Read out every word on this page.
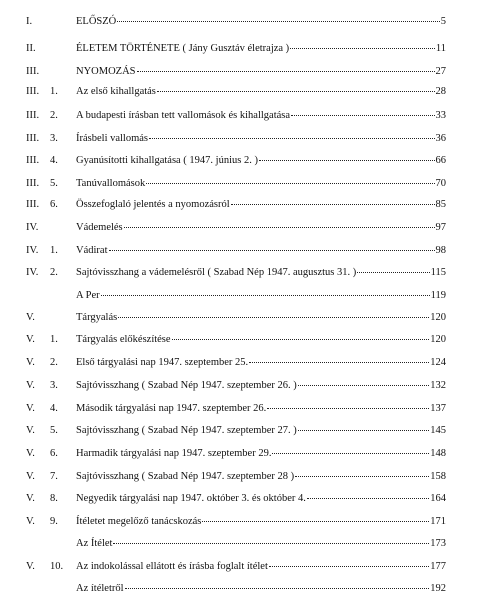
I.	ELŐSZÓ	5
II.	ÉLETEM TÖRTÉNETE ( Jány Gusztáv életrajza )	11
III.	NYOMOZÁS	27
III. 1. Az első kihallgatás	28
III. 2. A budapesti írásban tett vallomások és kihallgatása	33
III. 3. Írásbeli vallomás	36
III. 4. Gyanúsítotti kihallgatása ( 1947. június 2. )	66
III. 5. Tanúvallomások	70
III. 6. Összefoglaló jelentés a nyomozásról	85
IV.	Vádemelés	97
IV. 1. Vádirat	98
IV. 2. Sajtóvisszhang a vádemelésről ( Szabad Nép 1947. augusztus 31. )	115
A Per	119
V.	Tárgyalás	120
V. 1. Tárgyalás előkészítése	120
V. 2. Első tárgyalási nap 1947. szeptember 25.	124
V. 3. Sajtóvisszhang ( Szabad Nép 1947. szeptember 26. )	132
V. 4. Második tárgyalási nap 1947. szeptember 26.	137
V. 5. Sajtóvisszhang ( Szabad Nép 1947. szeptember 27. )	145
V. 6. Harmadik tárgyalási nap 1947. szeptember 29.	148
V. 7. Sajtóvisszhang ( Szabad Nép 1947. szeptember 28 )	158
V. 8. Negyedik tárgyalási nap 1947. október 3. és október 4.	164
V. 9. Ítéletet megelőző tanácskozás	171
Az Ítélet	173
V. 10. Az indokolással ellátott és írásba foglalt ítélet	177
Az ítéletről	192
